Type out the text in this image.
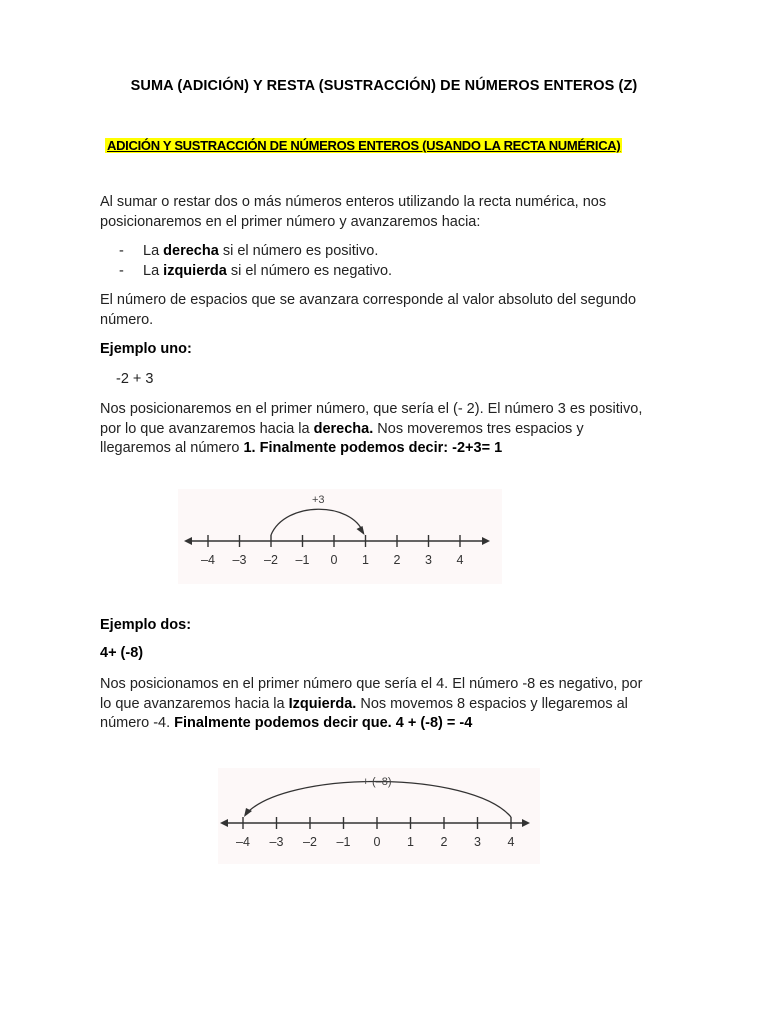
SUMA (ADICIÓN) Y RESTA (SUSTRACCIÓN) DE NÚMEROS ENTEROS (Z)
ADICIÓN Y SUSTRACCIÓN DE NÚMEROS ENTEROS (USANDO LA RECTA NUMÉRICA)

Al sumar o restar dos o más números enteros utilizando la recta numérica, nos

posicionaremos en el primer número y avanzaremos hacia:

- La derecha si el número es positivo.
- La izquierda si el número es negativo.

El número de espacios que se avanzara corresponde al valor absoluto del segundo

número.

Ejemplo uno:
-2 + 3

Nos posicionaremos en el primer número, que sería el (- 2). El número 3 es positivo,

por lo que avanzaremos hacia la derecha. Nos moveremos tres espacios y

llegaremos al número 1. Finalmente podemos decir: -2+3= 1

–4 –3 –2 –1 0 1 2 3 4
+3
Ejemplo dos:
4+ (-8)

Nos posicionamos en el primer número que sería el 4. El número -8 es negativo, por

lo que avanzaremos hacia la Izquierda. Nos movemos 8 espacios y llegaremos al

número -4. Finalmente podemos decir que. 4 + (-8) = -4

–4 –3 –2 –1 0 1 2 3 4
+ (–8)
